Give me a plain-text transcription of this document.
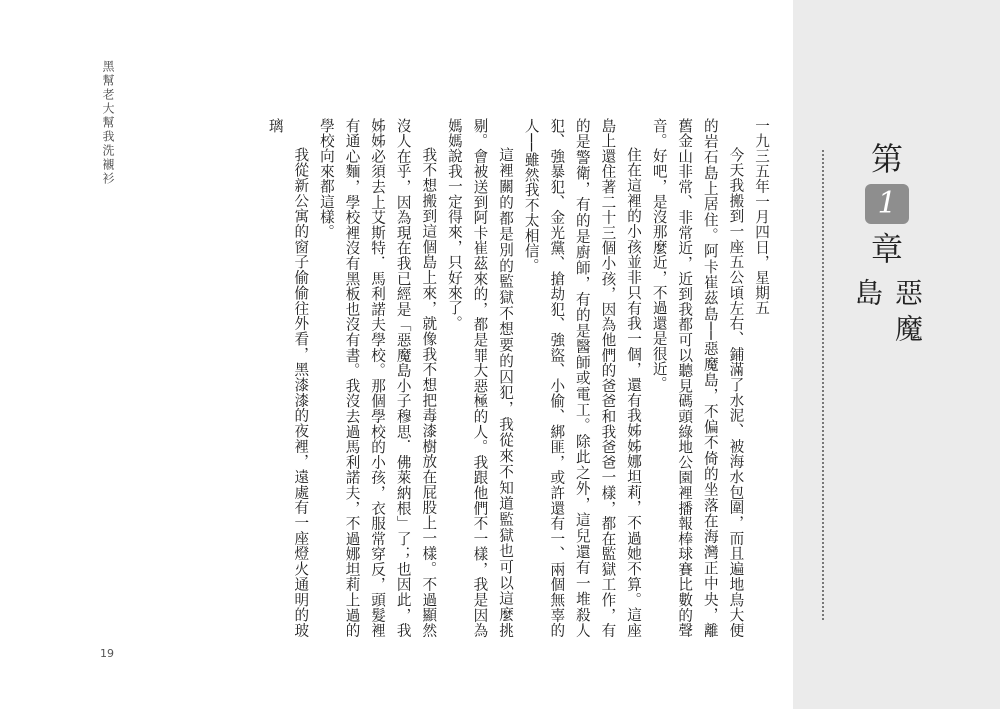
黑幫老大幫我洗襯衫	一九三五年一月四日，星期五

今天我搬到一座五公頃左右、鋪滿了水泥、被海水包圍，而且遍地鳥大便的岩石島上居住。阿卡崔茲島──惡魔島，不偏不倚的坐落在海灣正中央，離舊金山非常、非常近，近到我都可以聽見碼頭綠地公園裡播報棒球賽比數的聲音。好吧，是沒那麼近，不過還是很近。

住在這裡的小孩並非只有我一個，還有我姊姊娜坦莉，不過她不算。這座島上還住著二十三個小孩，因為他們的爸爸和我爸爸一樣，都在監獄工作，有的是警衛，有的是廚師，有的是醫師或電工。除此之外，這兒還有一堆殺人犯、強暴犯、金光黨、搶劫犯、強盜、小偷、綁匪，或許還有一、兩個無辜的人──雖然我不太相信。

這裡關的都是別的監獄不想要的囚犯，我從來不知道監獄也可以這麼挑剔。會被送到阿卡崔茲來的，都是罪大惡極的人。我跟他們不一樣，我是因為媽媽說我一定得來，只好來了。

我不想搬到這個島上來，就像我不想把毒漆樹放在屁股上一樣。不過顯然沒人在乎，因為現在我已經是「惡魔島小子穆思．佛萊納根」了；也因此，我姊姊必須去上艾斯特．馬利諾夫學校。那個學校的小孩，衣服常穿反，頭髮裡有通心麵，學校裡沒有黑板也沒有書。我沒去過馬利諾夫，不過娜坦莉上過的學校向來都這樣。

我從新公寓的窗子偷偷往外看，黑漆漆的夜裡，遠處有一座燈火通明的玻璃

19
第
1
章
惡魔島
